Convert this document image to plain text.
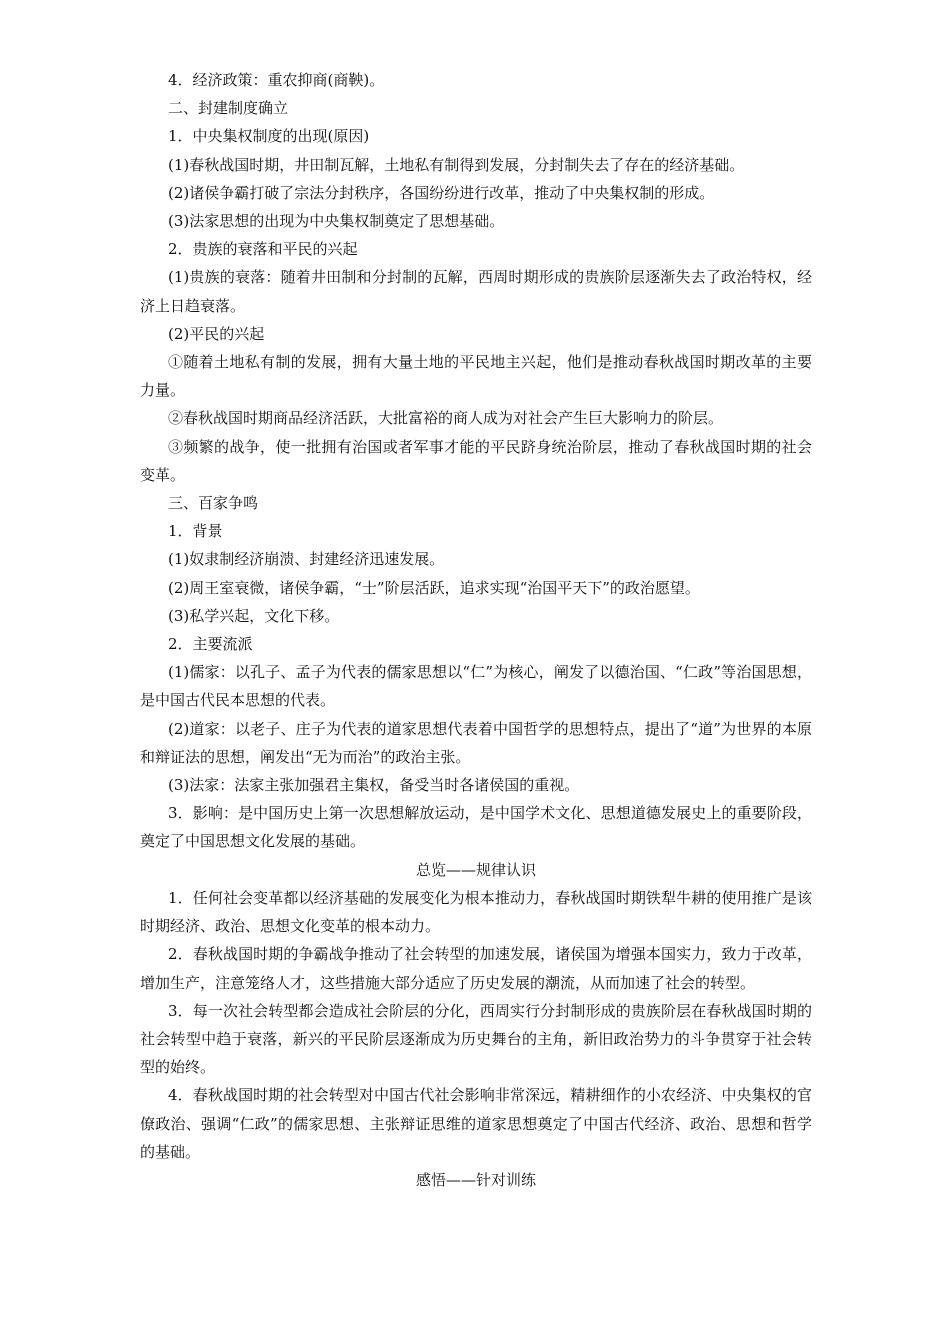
4．经济政策：重农抑商(商鞅)。

二、封建制度确立

1．中央集权制度的出现(原因)

(1)春秋战国时期，井田制瓦解，土地私有制得到发展，分封制失去了存在的经济基础。

(2)诸侯争霸打破了宗法分封秩序，各国纷纷进行改革，推动了中央集权制的形成。

(3)法家思想的出现为中央集权制奠定了思想基础。

2．贵族的衰落和平民的兴起

(1)贵族的衰落：随着井田制和分封制的瓦解，西周时期形成的贵族阶层逐渐失去了政治特权，经济上日趋衰落。

(2)平民的兴起

①随着土地私有制的发展，拥有大量土地的平民地主兴起，他们是推动春秋战国时期改革的主要力量。

②春秋战国时期商品经济活跃，大批富裕的商人成为对社会产生巨大影响力的阶层。

③频繁的战争，使一批拥有治国或者军事才能的平民跻身统治阶层，推动了春秋战国时期的社会变革。

三、百家争鸣

1．背景

(1)奴隶制经济崩溃、封建经济迅速发展。

(2)周王室衰微，诸侯争霸，“士”阶层活跃，追求实现“治国平天下”的政治愿望。

(3)私学兴起，文化下移。

2．主要流派

(1)儒家：以孔子、孟子为代表的儒家思想以“仁”为核心，阐发了以德治国、“仁政”等治国思想，是中国古代民本思想的代表。

(2)道家：以老子、庄子为代表的道家思想代表着中国哲学的思想特点，提出了“道”为世界的本原和辩证法的思想，阐发出“无为而治”的政治主张。

(3)法家：法家主张加强君主集权，备受当时各诸侯国的重视。

3．影响：是中国历史上第一次思想解放运动，是中国学术文化、思想道德发展史上的重要阶段，奠定了中国思想文化发展的基础。

总览——规律认识

1．任何社会变革都以经济基础的发展变化为根本推动力，春秋战国时期铁犁牛耕的使用推广是该时期经济、政治、思想文化变革的根本动力。

2．春秋战国时期的争霸战争推动了社会转型的加速发展，诸侯国为增强本国实力，致力于改革，增加生产，注意笼络人才，这些措施大部分适应了历史发展的潮流，从而加速了社会的转型。

3．每一次社会转型都会造成社会阶层的分化，西周实行分封制形成的贵族阶层在春秋战国时期的社会转型中趋于衰落，新兴的平民阶层逐渐成为历史舞台的主角，新旧政治势力的斗争贯穿于社会转型的始终。

4．春秋战国时期的社会转型对中国古代社会影响非常深远，精耕细作的小农经济、中央集权的官僚政治、强调“仁政”的儒家思想、主张辩证思维的道家思想奠定了中国古代经济、政治、思想和哲学的基础。

感悟——针对训练
